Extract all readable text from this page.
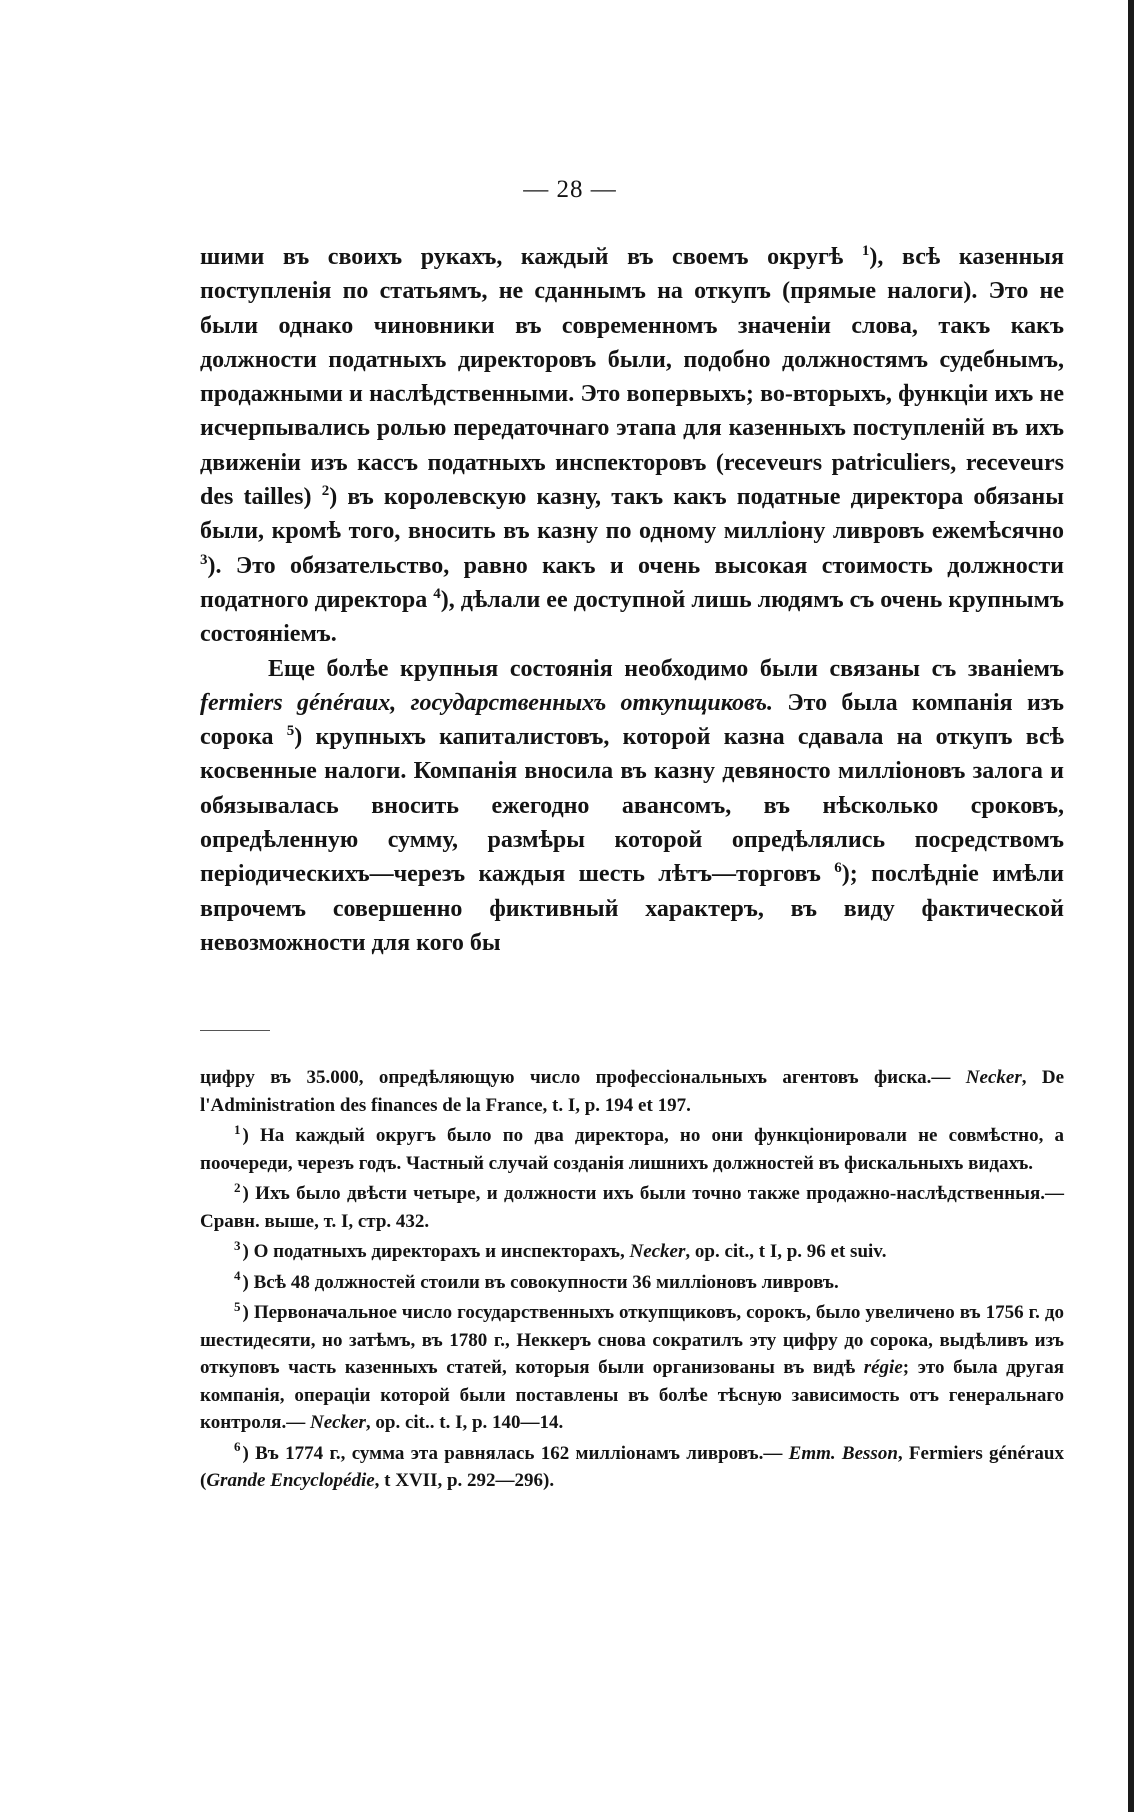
— 28 —

шими въ своихъ рукахъ, каждый въ своемъ округѣ $^1$), всѣ казенныя поступленія по статьямъ, не сданнымъ на откупъ (прямые налоги). Это не были однако чиновники въ современномъ значеніи слова, такъ какъ должности податныхъ директоровъ были, подобно должностямъ судебнымъ, продажными и наслѣдственными. Это вопервыхъ; во-вторыхъ, функціи ихъ не исчерпывались ролью передаточнаго этапа для казенныхъ поступленій въ ихъ движеніи изъ кассъ податныхъ инспекторовъ (receveurs patriculiers, receveurs des tailles) $^2$) въ королевскую казну, такъ какъ податные директора обязаны были, кромѣ того, вносить въ казну по одному милліону ливровъ ежемѣсячно $^3$). Это обязательство, равно какъ и очень высокая стоимость должности податного директора $^4$), дѣлали ее доступной лишь людямъ съ очень крупнымъ состояніемъ.

Еще болѣе крупныя состоянія необходимо были связаны съ званіемъ fermiers généraux, государственныхъ откупщиковъ. Это была компанія изъ сорока $^5$) крупныхъ капиталистовъ, которой казна сдавала на откупъ всѣ косвенные налоги. Компанія вносила въ казну девяносто милліоновъ залога и обязывалась вносить ежегодно авансомъ, въ нѣсколько сроковъ, опредѣленную сумму, размѣры которой опредѣлялись посредствомъ періодическихъ—черезъ каждыя шесть лѣтъ—торговъ $^6$); послѣдніе имѣли впрочемъ совершенно фиктивный характеръ, въ виду фактической невозможности для кого бы

цифру въ 35.000, опредѣляющую число профессіональныхъ агентовъ фиска.— Necker, De l'Administration des finances de la France, t. I, p. 194 et 197.

$^1$ ) На каждый округъ было по два директора, но они функціонировали не совмѣстно, а поочереди, черезъ годъ. Частный случай созданія лишнихъ должностей въ фискальныхъ видахъ.

$^2$ ) Ихъ было двѣсти четыре, и должности ихъ были точно также продажно-наслѣдственныя.—Сравн. выше, т. I, стр. 432.

$^3$ ) О податныхъ директорахъ и инспекторахъ, Necker, op. cit., t I, p. 96 et suiv.

$^4$ ) Всѣ 48 должностей стоили въ совокупности 36 милліоновъ ливровъ.

$^5$ ) Первоначальное число государственныхъ откупщиковъ, сорокъ, было увеличено въ 1756 г. до шестидесяти, но затѣмъ, въ 1780 г., Неккеръ снова сократилъ эту цифру до сорока, выдѣливъ изъ откуповъ часть казенныхъ статей, которыя были организованы въ видѣ régie; это была другая компанія, операціи которой были поставлены въ болѣе тѣсную зависимость отъ генеральнаго контроля.— Necker, op. cit.. t. I, p. 140—14.

$^6$ ) Въ 1774 г., сумма эта равнялась 162 милліонамъ ливровъ.— Emm. Besson, Fermiers généraux (Grande Encyclopédie, t XVII, p. 292—296).
